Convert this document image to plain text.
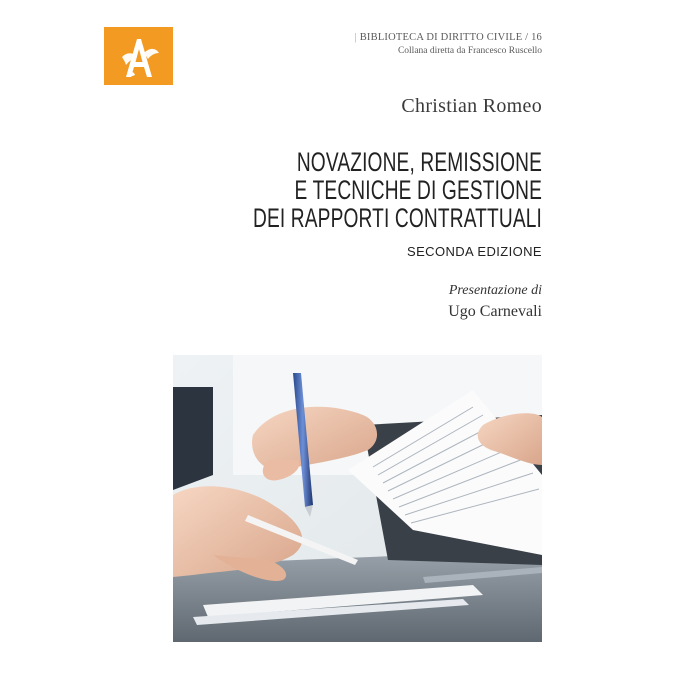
| BIBLIOTECA DI DIRITTO CIVILE / 16
Collana diretta da Francesco Ruscello
Christian Romeo
NOVAZIONE, REMISSIONE
E TECNICHE DI GESTIONE
DEI RAPPORTI CONTRATTUALI
SECONDA EDIZIONE
Presentazione di
Ugo Carnevali
